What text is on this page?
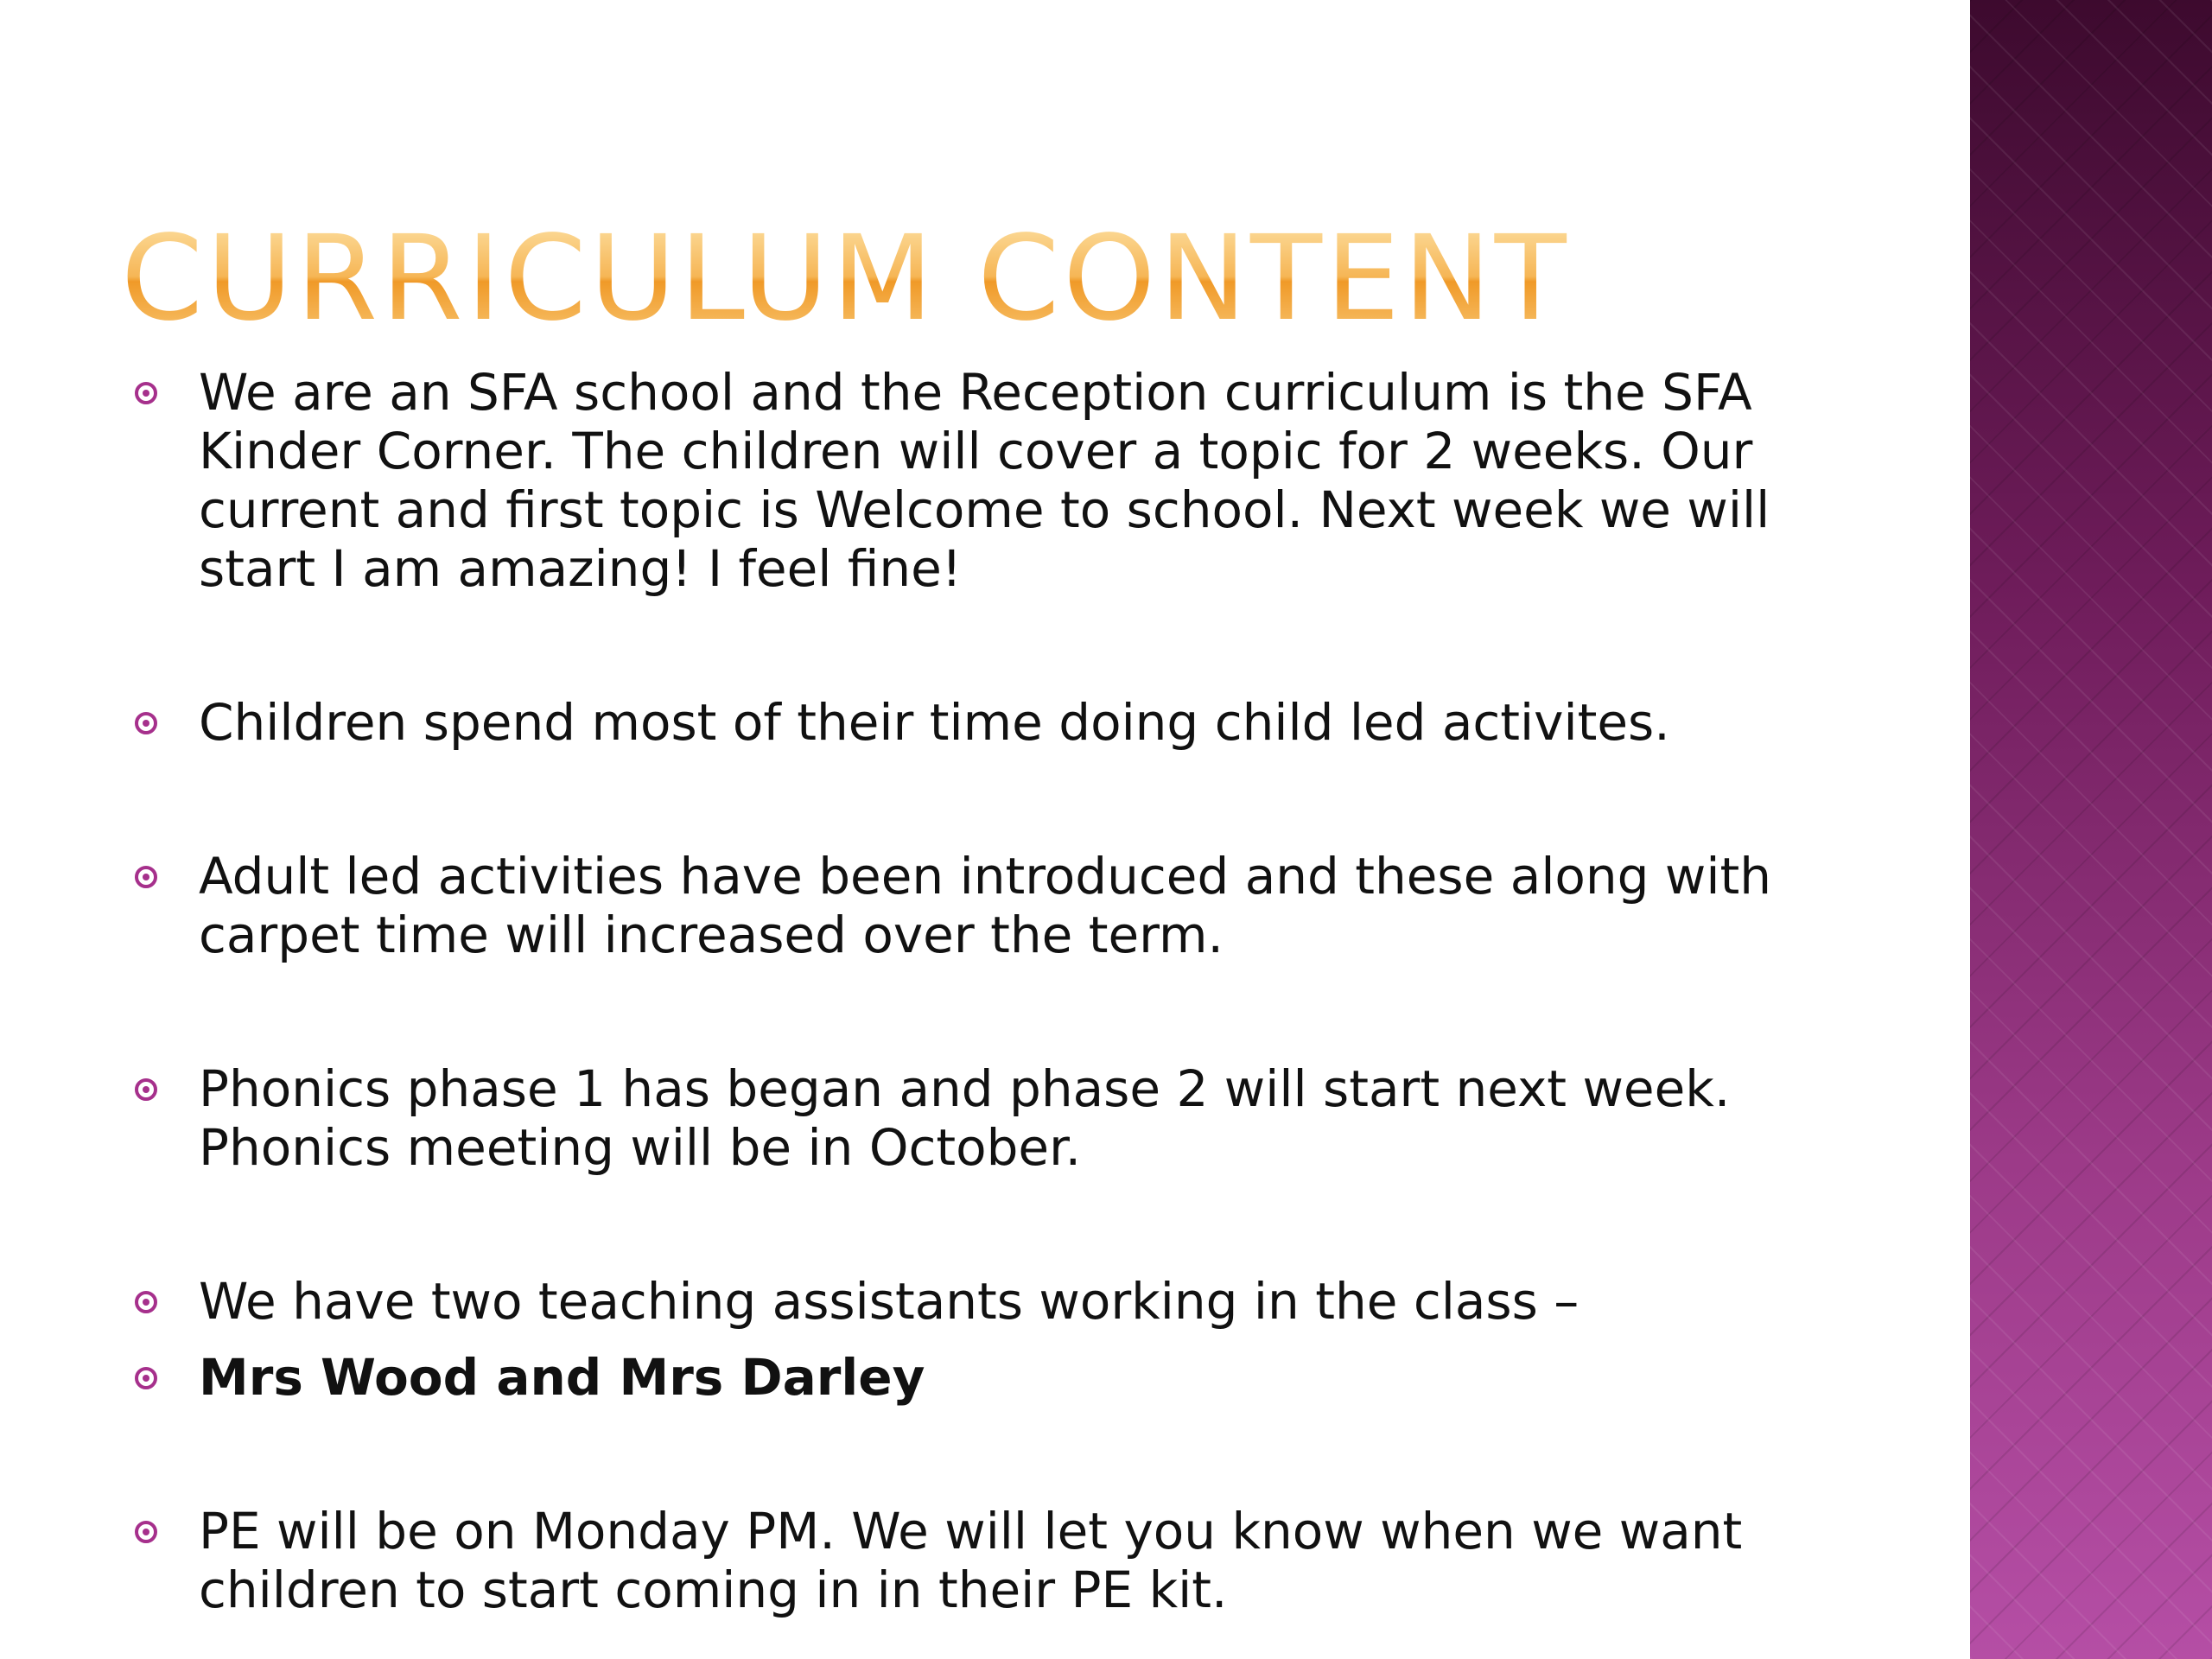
CURRICULUM CONTENT
We are an SFA school and the Reception curriculum is the SFA Kinder Corner. The children will cover a topic for 2 weeks. Our current and first topic is Welcome to school. Next week we will start I am amazing! I feel fine!
Children spend most of their time doing child led activites.
Adult led activities have been introduced and these along with carpet time will increased over the term.
Phonics phase 1 has began and phase 2 will start next week. Phonics meeting will be in October.
We have two teaching assistants working in the class –
Mrs Wood and Mrs Darley
PE will be on Monday PM. We will let you know when we want children to start coming in in their PE kit.
